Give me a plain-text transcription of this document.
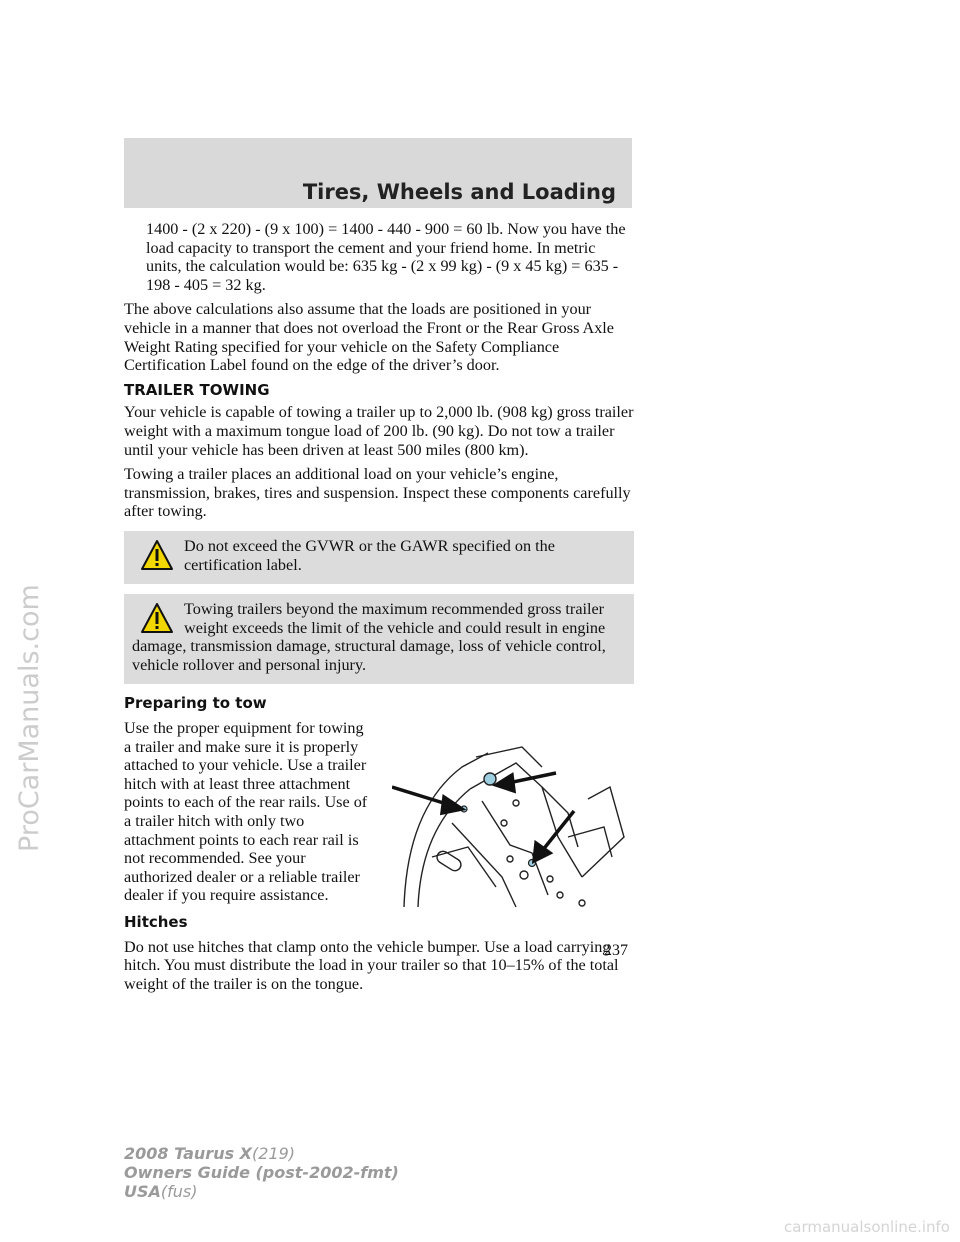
Tires, Wheels and Loading

1400 - (2 x 220) - (9 x 100) = 1400 - 440 - 900 = 60 lb. Now you have the load capacity to transport the cement and your friend home. In metric units, the calculation would be: 635 kg - (2 x 99 kg) - (9 x 45 kg) = 635 - 198 - 405 = 32 kg.

The above calculations also assume that the loads are positioned in your vehicle in a manner that does not overload the Front or the Rear Gross Axle Weight Rating specified for your vehicle on the Safety Compliance Certification Label found on the edge of the driver’s door.

TRAILER TOWING

Your vehicle is capable of towing a trailer up to 2,000 lb. (908 kg) gross trailer weight with a maximum tongue load of 200 lb. (90 kg). Do not tow a trailer until your vehicle has been driven at least 500 miles (800 km).

Towing a trailer places an additional load on your vehicle’s engine, transmission, brakes, tires and suspension. Inspect these components carefully after towing.

Do not exceed the GVWR or the GAWR specified on the certification label.
Towing trailers beyond the maximum recommended gross trailer weight exceeds the limit of the vehicle and could result in engine damage, transmission damage, structural damage, loss of vehicle control, vehicle rollover and personal injury.
Preparing to tow

Use the proper equipment for towing a trailer and make sure it is properly attached to your vehicle. Use a trailer hitch with at least three attachment points to each of the rear rails. Use of a trailer hitch with only two attachment points to each rear rail is not recommended. See your authorized dealer or a reliable trailer dealer if you require assistance.

Hitches

Do not use hitches that clamp onto the vehicle bumper. Use a load carrying hitch. You must distribute the load in your trailer so that 10–15% of the total weight of the trailer is on the tongue.

237
2008 Taurus X(219)
Owners Guide (post-2002-fmt)
USA(fus)
ProCarManuals.com
carmanualsonline.info
